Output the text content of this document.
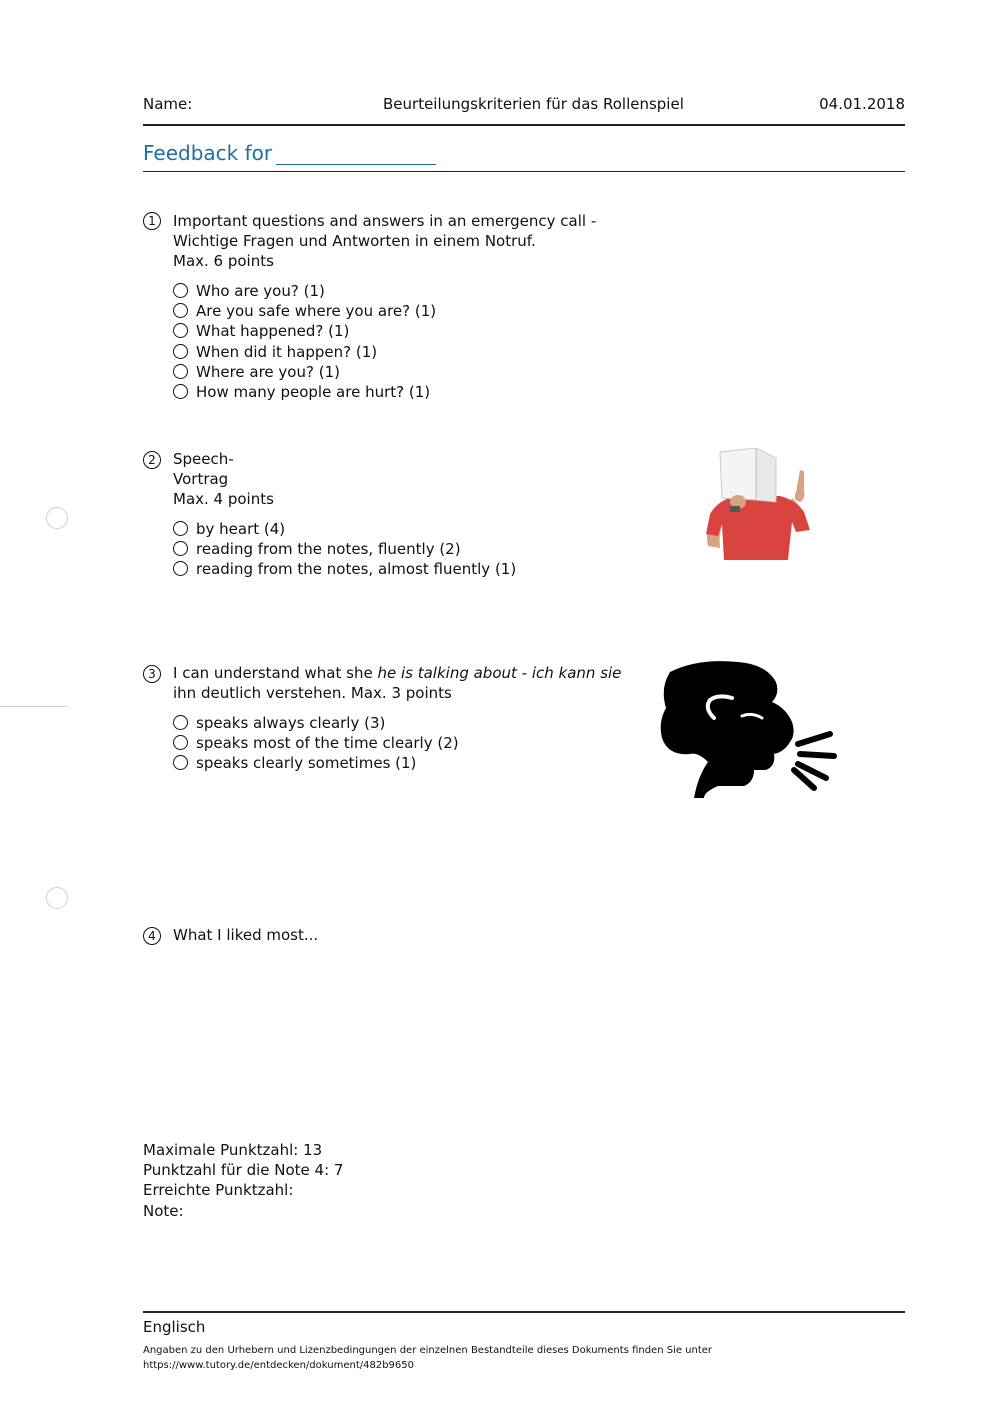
Name:	Beurteilungskriterien für das Rollenspiel	04.01.2018
Feedback for
1	Important questions and answers in an emergency call -
Wichtige Fragen und Antworten in einem Notruf.
Max. 6 points
Who are you? (1)
Are you safe where you are? (1)
What happened? (1)
When did it happen? (1)
Where are you? (1)
How many people are hurt? (1)
2	Speech-
Vortrag
Max. 4 points
by heart (4)
reading from the notes, fluently (2)
reading from the notes, almost fluently (1)
3	I can understand what she he is talking about - ich kann sie
ihn deutlich verstehen. Max. 3 points
speaks always clearly (3)
speaks most of the time clearly (2)
speaks clearly sometimes (1)
4	What I liked most...
Maximale Punktzahl: 13
Punktzahl für die Note 4: 7
Erreichte Punktzahl:
Note:
Englisch
Angaben zu den Urhebern und Lizenzbedingungen der einzelnen Bestandteile dieses Dokuments finden Sie unter
https://www.tutory.de/entdecken/dokument/482b9650
